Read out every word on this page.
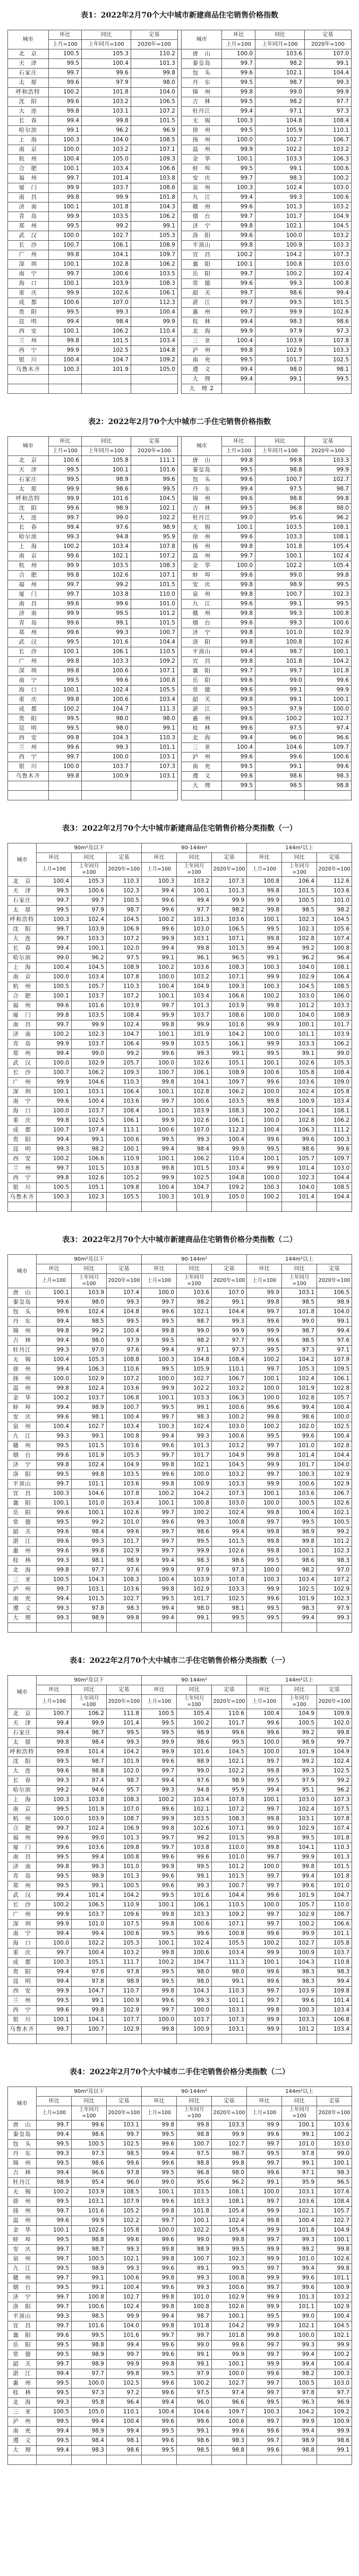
表1：2022年2月70个大中城市新建商品住宅销售价格指数
城市	环比	同比	定基		城市	环比	同比	定基
	上月=100	上年同月=100	2020年=100			上月=100	上年同月=100	2020年=100
北　京	100.5	105.3	110.2		唐　山	100.0	103.6	107.0
天　津	99.5	100.4	101.3		秦皇岛	99.7	98.2	99.1
石家庄	99.7	99.6	99.8		包　头	99.6	102.1	104.4
太　原	99.6	97.9	98.0		丹　东	99.5	98.7	99.3
呼和浩特	100.2	101.8	104.0		锦　州	99.8	99.0	99.9
沈　阳	99.6	103.2	106.5		吉　林	99.5	98.2	97.7
大　连	99.8	103.1	107.2		牡丹江	99.4	97.1	97.3
长　春	99.4	99.8	101.5		无　锡	100.3	104.8	108.4
哈尔滨	99.1	96.2	96.9		徐　州	99.5	105.9	110.1
上　海	100.3	104.0	108.5		扬　州	100.0	102.7	106.7
南　京	100.0	103.2	107.1		温　州	99.9	102.2	103.2
杭　州	100.4	105.0	109.3		金　华	100.1	103.3	106.3
合　肥	100.1	103.4	106.6		蚌　埠	99.5	99.1	100.6
福　州	99.7	101.4	103.8		安　庆	99.7	98.3	100.2
厦　门	99.9	103.7	108.6		泉　州	100.3	102.4	103.0
南　昌	99.8	99.9	101.8		九　江	99.4	99.3	100.6
济　南	100.1	101.8	104.3		赣　州	99.6	101.3	103.2
青　岛	99.9	103.5	106.2		烟　台	99.7	101.7	104.9
郑　州	99.5	99.2	99.1		济　宁	99.8	102.1	104.5
武　汉	100.0	102.7	105.3		洛　阳	99.6	100.0	103.2
长　沙	100.7	106.1	108.9		平顶山	99.8	100.9	103.3
广　州	99.8	104.1	109.7		宜　昌	100.2	104.2	107.3
深　圳	100.1	102.8	106.2		襄　阳	100.1	100.8	103.0
南　宁	99.7	100.6	103.5		岳　阳	99.7	100.2	102.4
海　口	100.1	103.9	108.3		常　德	99.6	99.3	100.8
重　庆	99.9	102.6	106.1		韶　关	99.7	98.6	99.4
成　都	100.6	107.0	112.3		湛　江	99.7	99.5	101.5
贵　阳	99.5	99.3	100.4		惠　州	99.7	99.9	102.6
昆　明	99.4	98.4	99.9		桂　林	99.4	98.3	98.6
西　安	100.1	106.2	110.4		北　海	99.9	97.9	97.3
兰　州	99.8	101.5	103.4		三　亚	100.4	103.9	107.8
西　宁	99.9	102.5	104.8		泸　州	99.8	102.9	103.3
银　川	100.4	104.7	109.2		南　充	99.5	101.7	102.5
乌鲁木齐	100.3	101.9	105.0		遵　义	99.4	98.0	98.1
					大　理	99.4	99.1	99.5
					大　理 2			
表2：2022年2月70个大中城市二手住宅销售价格指数
城市	环比	同比	定基		城市	环比	同比	定基
	上月=100	上年同月=100	2020年=100			上月=100	上年同月=100	2020年=100
北　京	100.6	105.8	111.1		唐　山	99.8	99.8	103.3
天　津	99.5	100.1	101.6		秦皇岛	99.5	98.8	99.9
石家庄	99.5	98.9	99.6		包　头	99.6	100.7	102.7
太　原	99.9	98.6	99.5		丹　东	99.4	97.5	98.7
呼和浩特	99.9	101.6	104.5		锦　州	99.6	98.8	99.8
沈　阳	99.6	98.9	102.1		吉　林	99.5	96.8	98.0
大　连	99.7	99.0	102.2		牡丹江	99.0	95.6	96.2
长　春	99.4	97.6	98.9		无　锡	100.1	103.5	108.1
哈尔滨	99.3	94.8	95.9		徐　州	99.6	103.3	108.1
上　海	100.2	103.4	107.8		扬　州	99.8	101.8	105.4
南　京	99.6	102.1	107.2		温　州	99.7	100.1	102.4
杭　州	99.9	103.5	108.3		金　华	100.0	102.2	105.4
合　肥	99.8	102.6	107.1		蚌　埠	99.6	99.0	99.8
福　州	99.7	99.2	101.5		安　庆	99.8	98.9	99.5
厦　门	99.7	103.8	110.0		泉　州	99.8	100.7	102.3
南　昌	99.6	99.6	101.0		九　江	99.6	99.1	99.5
济　南	99.9	99.5	101.2		赣　州	99.8	99.3	100.8
青　岛	99.6	99.1	101.5		烟　台	99.6	99.3	100.6
郑　州	99.6	99.3	100.7		济　宁	99.8	101.0	102.9
武　汉	99.5	101.6	104.4		洛　阳	99.8	100.8	102.6
长　沙	100.1	106.1	110.5		平顶山	99.4	98.7	100.1
广　州	99.8	103.3	109.2		宜　昌	99.8	101.8	104.2
深　圳	99.8	100.6	107.1		襄　阳	99.7	99.7	101.8
南　宁	99.5	99.6	100.8		岳　阳	99.6	99.0	99.6
海　口	100.1	102.4	105.5		常　德	99.6	99.1	99.9
重　庆	99.8	100.6	103.4		韶　关	99.8	99.1	100.1
成　都	100.2	104.7	111.3		湛　江	99.5	97.9	100.0
贵　阳	99.5	98.0	98.0		惠　州	99.6	100.2	102.7
昆　明	99.5	98.0	99.1		桂　林	99.6	97.5	97.4
西　安	99.8	104.3	110.3		北　海	99.4	96.0	96.6
兰　州	99.6	99.3	101.1		三　亚	100.4	104.6	109.7
西　宁	99.7	100.0	103.1		泸　州	99.6	99.6	100.6
银　川	100.0	103.7	107.3		南　充	99.5	99.1	99.6
乌鲁木齐	99.8	100.9	103.1		遵　义	99.6	98.6	98.3
					大　理	99.5	98.5	98.8

表3：2022年2月70个大中城市新建商品住宅销售价格分类指数（一）
城市	90m²及以下			90-144m²			144m²以上		
	环比	同比	定基	环比	同比	定基	环比	同比	定基
	上月=100	上年同月=100	2020年=100	上月=100	上年同月=100	2020年=100	上月=100	上年同月=100	2020年=100
北　京	100.4	105.3	110.3	100.3	103.2	107.3	100.8	106.4	112.6
天　津	99.5	100.6	102.3	99.4	100.1	101.3	99.8	101.5	103.6
石家庄	99.7	99.7	100.5	99.6	99.4	99.9	99.9	100.5	101.0
太　原	99.5	97.9	98.7	99.6	97.7	98.2	99.8	98.5	98.2
呼和浩特	100.3	102.4	104.5	100.2	101.3	103.6	100.1	102.3	104.5
沈　阳	99.7	103.9	106.9	99.6	103.0	106.5	99.5	102.3	105.6
大　连	99.7	103.3	107.2	99.9	103.1	107.1	99.8	102.8	107.4
长　春	99.4	100.1	102.0	99.4	99.8	101.5	99.4	99.2	100.8
哈尔滨	99.0	96.2	97.5	99.1	96.1	96.5	99.1	96.2	96.4
上　海	100.4	104.5	108.9	100.2	103.6	108.3	100.3	104.0	108.1
南　京	100.0	103.4	107.8	100.0	103.2	107.1	99.9	102.9	106.4
杭　州	100.5	105.7	110.3	100.4	104.9	109.3	100.3	104.5	108.5
合　肥	100.1	103.7	107.2	100.1	103.4	106.6	100.2	103.0	106.0
福　州	99.6	101.6	103.9	99.7	101.3	103.9	99.8	101.2	103.3
厦　门	99.8	103.5	108.4	99.9	103.7	108.6	100.0	104.0	108.9
南　昌	99.7	99.9	102.4	99.8	99.9	101.6	99.9	100.1	101.7
济　南	100.2	102.3	104.7	100.1	101.9	104.2	100.0	101.1	103.9
青　岛	99.9	103.7	106.4	99.9	103.5	106.1	99.9	103.3	106.2
郑　州	99.4	99.0	99.2	99.6	99.3	99.1	99.5	99.1	99.0
武　汉	100.0	102.9	105.7	100.0	102.6	105.1	100.1	102.6	105.3
长　沙	100.7	106.2	109.3	100.7	106.1	108.9	100.6	105.8	108.4
广　州	99.9	104.6	110.3	99.8	104.1	109.7	99.6	103.6	109.0
深　圳	100.1	103.1	106.4	100.1	102.8	106.2	100.0	102.4	105.8
南　宁	99.6	100.4	103.6	99.7	100.6	103.5	99.8	100.9	103.4
海　口	100.0	103.7	108.4	100.1	103.9	108.3	100.2	104.1	108.1
重　庆	99.8	102.5	106.1	99.9	102.6	106.1	100.0	102.8	106.2
成　都	100.7	107.4	113.1	100.6	107.0	112.3	100.4	106.3	111.2
贵　阳	99.4	99.1	100.6	99.5	99.3	100.4	99.6	99.6	100.3
昆　明	99.3	98.2	100.1	99.4	98.4	99.9	99.5	98.6	99.6
西　安	100.2	106.6	110.9	100.1	106.2	110.4	100.1	105.7	109.7
兰　州	99.7	101.5	103.8	99.8	101.5	103.4	99.9	101.4	103.0
西　宁	99.8	102.6	105.2	99.9	102.5	104.8	100.0	102.3	104.4
银　川	100.5	105.1	109.8	100.4	104.7	109.2	100.3	104.0	108.5
乌鲁木齐	100.3	102.3	105.5	100.3	101.9	105.0	100.2	101.4	104.4

表3：2022年2月70个大中城市新建商品住宅销售价格分类指数（二）
城市	90m²及以下			90-144m²			144m²以上		
	环比	同比	定基	环比	同比	定基	环比	同比	定基
	上月=100	上年同月=100	2020年=100	上月=100	上年同月=100	2020年=100	上月=100	上年同月=100	2020年=100
唐　山	100.1	103.9	107.4	100.0	103.6	107.0	99.9	103.1	106.5
秦皇岛	99.6	98.0	99.3	99.7	98.2	99.1	99.8	98.5	98.9
包　头	99.6	102.4	104.8	99.6	102.1	104.4	99.7	101.8	104.0
丹　东	99.4	98.5	99.5	99.5	98.7	99.3	99.6	99.0	99.1
锦　州	99.8	99.2	100.4	99.8	99.0	99.9	99.9	98.7	99.4
吉　林	99.4	98.0	97.9	99.5	98.2	97.7	99.6	98.5	97.6
牡丹江	99.3	97.0	97.6	99.4	97.1	97.3	99.5	97.3	97.1
无　锡	100.4	105.3	108.8	100.3	104.8	108.4	100.2	104.2	107.9
徐　州	99.4	106.3	110.6	99.5	105.9	110.1	99.7	105.3	109.5
扬　州	100.0	102.9	107.2	100.0	102.7	106.7	100.1	102.4	106.1
温　州	99.8	102.4	103.6	99.9	102.2	103.2	100.0	101.9	102.8
金　华	100.2	103.7	106.8	100.1	103.3	106.3	100.0	102.8	105.7
蚌　埠	99.4	98.9	100.7	99.5	99.1	100.6	99.6	99.4	100.4
安　庆	99.6	98.1	100.4	99.7	98.3	100.2	99.8	98.6	100.0
泉　州	100.4	102.7	103.4	100.3	102.4	103.0	100.2	102.0	102.5
九　江	99.3	99.1	100.8	99.4	99.3	100.6	99.5	99.6	100.4
赣　州	99.5	101.5	103.6	99.6	101.3	103.2	99.7	101.0	102.8
烟　台	99.6	101.9	105.3	99.7	101.7	104.9	99.8	101.4	104.4
济　宁	99.8	102.4	104.9	99.8	102.1	104.5	99.9	101.7	104.0
洛　阳	99.5	99.8	103.5	99.6	100.0	103.2	99.7	100.3	102.9
平顶山	99.7	101.1	103.6	99.8	100.9	103.3	99.9	100.6	102.9
宜　昌	100.3	104.6	107.8	100.2	104.2	107.3	100.1	103.6	106.7
襄　阳	100.1	101.0	103.4	100.1	100.8	103.0	100.0	100.5	102.6
岳　阳	99.6	100.1	102.6	99.7	100.2	102.4	99.8	100.4	102.1
常　德	99.5	99.2	101.0	99.6	99.3	100.8	99.7	99.5	100.5
韶　关	99.6	98.4	99.6	99.7	98.6	99.4	99.8	98.9	99.2
湛　江	99.6	99.3	101.7	99.7	99.5	101.5	99.8	99.8	101.2
惠　州	99.6	99.8	102.9	99.7	99.9	102.6	99.8	100.1	102.3
桂　林	99.3	98.1	98.9	99.4	98.3	98.6	99.5	98.6	98.3
北　海	99.8	97.7	97.6	99.9	97.9	97.3	100.0	98.2	97.0
三　亚	100.5	104.3	108.3	100.4	103.9	107.8	100.3	103.4	107.2
泸　州	99.7	103.1	103.6	99.8	102.9	103.3	99.9	102.5	102.9
南　充	99.4	101.5	102.7	99.5	101.7	102.5	99.6	101.9	102.3
遵　义	99.3	97.8	98.3	99.4	98.0	98.1	99.5	98.3	97.9
大　理	99.3	98.9	99.8	99.4	99.1	99.5	99.5	99.4	99.3

表4：2022年2月70个大中城市二手住宅销售价格分类指数（一）
城市	90m²及以下			90-144m²			144m²以上		
	环比	同比	定基	环比	同比	定基	环比	同比	定基
	上月=100	上年同月=100	2020年=100	上月=100	上年同月=100	2020年=100	上月=100	上年同月=100	2020年=100
北　京	100.7	106.2	111.8	100.5	105.4	110.6	100.4	104.9	109.9
天　津	99.4	99.9	101.4	99.5	100.2	101.7	99.6	100.5	102.0
石家庄	99.4	98.7	99.5	99.5	98.9	99.6	99.6	99.2	99.8
太　原	99.8	98.4	99.3	99.9	98.6	99.5	100.0	98.9	99.7
呼和浩特	99.8	101.4	104.2	99.9	101.6	104.5	100.0	101.9	104.9
沈　阳	99.5	98.7	101.9	99.6	98.9	102.1	99.7	99.2	102.4
大　连	99.6	98.8	102.0	99.7	99.0	102.2	99.8	99.3	102.5
长　春	99.3	97.4	98.7	99.4	97.6	98.9	99.5	97.9	99.2
哈尔滨	99.2	94.6	95.7	99.3	94.8	95.9	99.4	95.1	96.2
上　海	100.3	103.8	108.3	100.2	103.4	107.8	100.1	103.0	107.3
南　京	99.5	101.9	107.0	99.6	102.1	107.2	99.7	102.4	107.5
杭　州	100.0	103.9	108.7	99.9	103.5	108.3	99.8	103.1	107.8
合　肥	99.7	102.4	106.9	99.8	102.6	107.1	99.9	102.9	107.4
福　州	99.6	99.0	101.3	99.7	99.2	101.5	99.8	99.5	101.8
厦　门	99.6	103.6	109.8	99.7	103.8	110.0	99.8	104.1	110.3
南　昌	99.5	99.4	100.8	99.6	99.6	101.0	99.7	99.9	101.3
济　南	99.8	99.3	101.0	99.9	99.5	101.2	100.0	99.8	101.5
青　岛	99.5	98.9	101.3	99.6	99.1	101.5	99.7	99.4	101.8
郑　州	99.5	99.1	100.5	99.6	99.3	100.7	99.7	99.6	101.0
武　汉	99.4	101.4	104.2	99.5	101.6	104.4	99.6	101.9	104.7
长　沙	100.2	106.5	110.9	100.1	106.1	110.5	100.0	105.7	110.0
广　州	99.9	103.7	109.6	99.8	103.3	109.2	99.7	102.9	108.7
深　圳	99.9	101.0	107.5	99.8	100.6	107.1	99.7	100.2	106.6
南　宁	99.4	99.4	100.6	99.5	99.6	100.8	99.6	99.9	101.1
海　口	100.0	102.2	105.3	100.1	102.4	105.5	100.2	102.7	105.8
重　庆	99.7	100.4	103.2	99.8	100.6	103.4	99.9	100.9	103.7
成　都	100.3	105.1	111.7	100.2	104.7	111.3	100.1	104.3	110.8
贵　阳	99.4	97.8	97.8	99.5	98.0	98.0	99.6	98.3	98.3
昆　明	99.4	97.8	98.9	99.5	98.0	99.1	99.6	98.3	99.4
西　安	99.9	104.7	110.7	99.8	104.3	110.3	99.7	103.9	109.8
兰　州	99.5	99.1	100.9	99.6	99.3	101.1	99.7	99.6	101.4
西　宁	99.6	99.8	102.9	99.7	100.0	103.1	99.8	100.3	103.4
银　川	100.1	104.1	107.7	100.0	103.7	107.3	99.9	103.3	106.8
乌鲁木齐	99.7	100.7	102.9	99.8	100.9	103.1	99.9	101.2	103.4

表4：2022年2月70个大中城市二手住宅销售价格分类指数（二）
城市	90m²及以下			90-144m²			144m²以上		
	环比	同比	定基	环比	同比	定基	环比	同比	定基
	上月=100	上年同月=100	2020年=100	上月=100	上年同月=100	2020年=100	上月=100	上年同月=100	2020年=100
唐　山	99.7	99.6	103.1	99.8	99.8	103.3	99.9	100.1	103.6
秦皇岛	99.4	98.6	99.7	99.5	98.8	99.9	99.6	99.1	100.2
包　头	99.5	100.5	102.5	99.6	100.7	102.7	99.7	101.0	103.0
丹　东	99.3	97.3	98.5	99.4	97.5	98.7	99.5	97.8	99.0
锦　州	99.5	98.6	99.6	99.6	98.8	99.8	99.7	99.1	100.1
吉　林	99.4	96.6	97.8	99.5	96.8	98.0	99.6	97.1	98.3
牡丹江	98.9	95.4	96.0	99.0	95.6	96.2	99.1	95.9	96.5
无　锡	100.2	103.9	108.5	100.1	103.5	108.1	100.0	103.1	107.6
徐　州	99.5	103.1	107.9	99.6	103.3	108.1	99.7	103.6	108.4
扬　州	99.7	101.6	105.2	99.8	101.8	105.4	99.9	102.1	105.7
温　州	99.6	99.9	102.2	99.7	100.1	102.4	99.8	100.4	102.7
金　华	100.1	102.6	105.8	100.0	102.2	105.4	99.9	101.8	104.9
蚌　埠	99.5	98.8	99.6	99.6	99.0	99.8	99.7	99.3	100.1
安　庆	99.7	98.7	99.3	99.8	98.9	99.5	99.9	99.2	99.8
泉　州	99.7	100.5	102.1	99.8	100.7	102.3	99.9	101.0	102.6
九　江	99.5	98.9	99.3	99.6	99.1	99.5	99.7	99.4	99.8
赣　州	99.7	99.1	100.6	99.8	99.3	100.8	99.9	99.6	101.1
烟　台	99.5	99.1	100.4	99.6	99.3	100.6	99.7	99.6	100.9
济　宁	99.7	100.8	102.7	99.8	101.0	102.9	99.9	101.3	103.2
洛　阳	99.7	100.6	102.4	99.8	100.8	102.6	99.9	101.1	102.9
平顶山	99.3	98.5	99.9	99.4	98.7	100.1	99.5	99.0	100.4
宜　昌	99.7	101.6	104.0	99.8	101.8	104.2	99.9	102.1	104.5
襄　阳	99.6	99.5	101.6	99.7	99.7	101.8	99.8	100.0	102.1
岳　阳	99.5	98.8	99.4	99.6	99.0	99.6	99.7	99.3	99.9
常　德	99.5	98.9	99.7	99.6	99.1	99.9	99.7	99.4	100.2
韶　关	99.7	98.9	99.9	99.8	99.1	100.1	99.9	99.4	100.4
湛　江	99.4	97.7	99.8	99.5	97.9	100.0	99.6	98.2	100.3
惠　州	99.5	100.0	102.5	99.6	100.2	102.7	99.7	100.5	103.0
桂　林	99.5	97.3	97.2	99.6	97.5	97.4	99.7	97.8	97.7
北　海	99.3	95.8	96.4	99.4	96.0	96.6	99.5	96.3	96.9
三　亚	100.5	105.0	110.1	100.4	104.6	109.7	100.3	104.2	109.2
泸　州	99.5	99.4	100.4	99.6	99.6	100.6	99.7	99.9	100.9
南　充	99.4	98.9	99.4	99.5	99.1	99.6	99.6	99.4	99.9
遵　义	99.5	98.4	98.1	99.6	98.6	98.3	99.7	98.9	98.6
大　理	99.4	98.3	98.6	99.5	98.5	98.8	99.6	98.8	99.1
